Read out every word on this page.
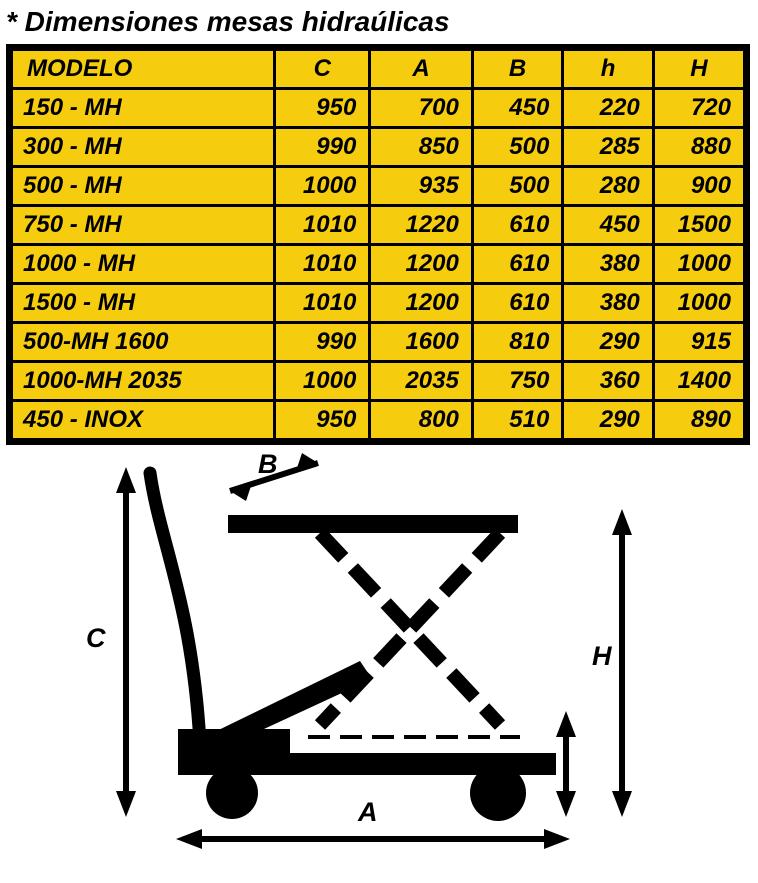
* Dimensiones mesas hidraúlicas
MODELO	C	A	B	h	H
150 - MH	950	700	450	220	720
300 - MH	990	850	500	285	880
500 - MH	1000	935	500	280	900
750 - MH	1010	1220	610	450	1500
1000 - MH	1010	1200	610	380	1000
1500 - MH	1010	1200	610	380	1000
500-MH 1600	990	1600	810	290	915
1000-MH 2035	1000	2035	750	360	1400
450 - INOX	950	800	510	290	890
B
C
H
h
A
